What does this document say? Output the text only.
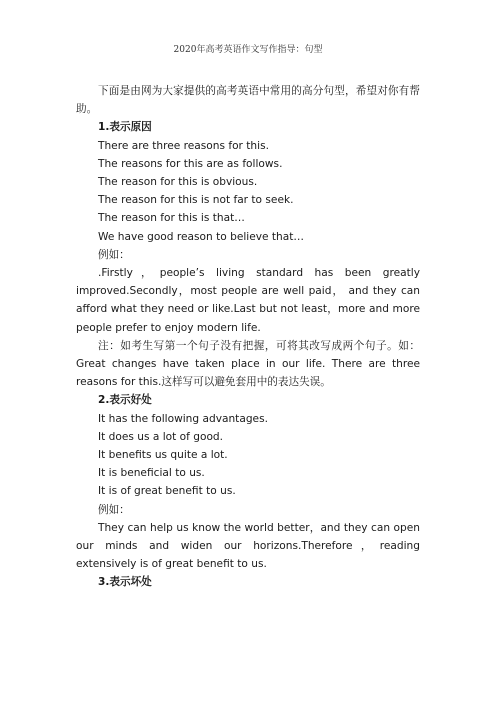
2020年高考英语作文写作指导：句型

下面是由网为大家提供的高考英语中常用的高分句型，希望对你有帮助。

1.表示原因

There are three reasons for this.

The reasons for this are as follows.

The reason for this is obvious.

The reason for this is not far to seek.

The reason for this is that…

We have good reason to believe that…

例如：

.Firstly，people’s living standard has been greatly improved.Secondly，most people are well paid， and they can afford what they need or like.Last but not least，more and more people prefer to enjoy modern life.

注：如考生写第一个句子没有把握，可将其改写成两个句子。如：Great changes have taken place in our life. There are three reasons for this.这样写可以避免套用中的表达失误。

2.表示好处

It has the following advantages.

It does us a lot of good.

It benefits us quite a lot.

It is beneficial to us.

It is of great benefit to us.

例如：

They can help us know the world better，and they can open our minds and widen our horizons.Therefore，reading extensively is of great benefit to us.

3.表示坏处
